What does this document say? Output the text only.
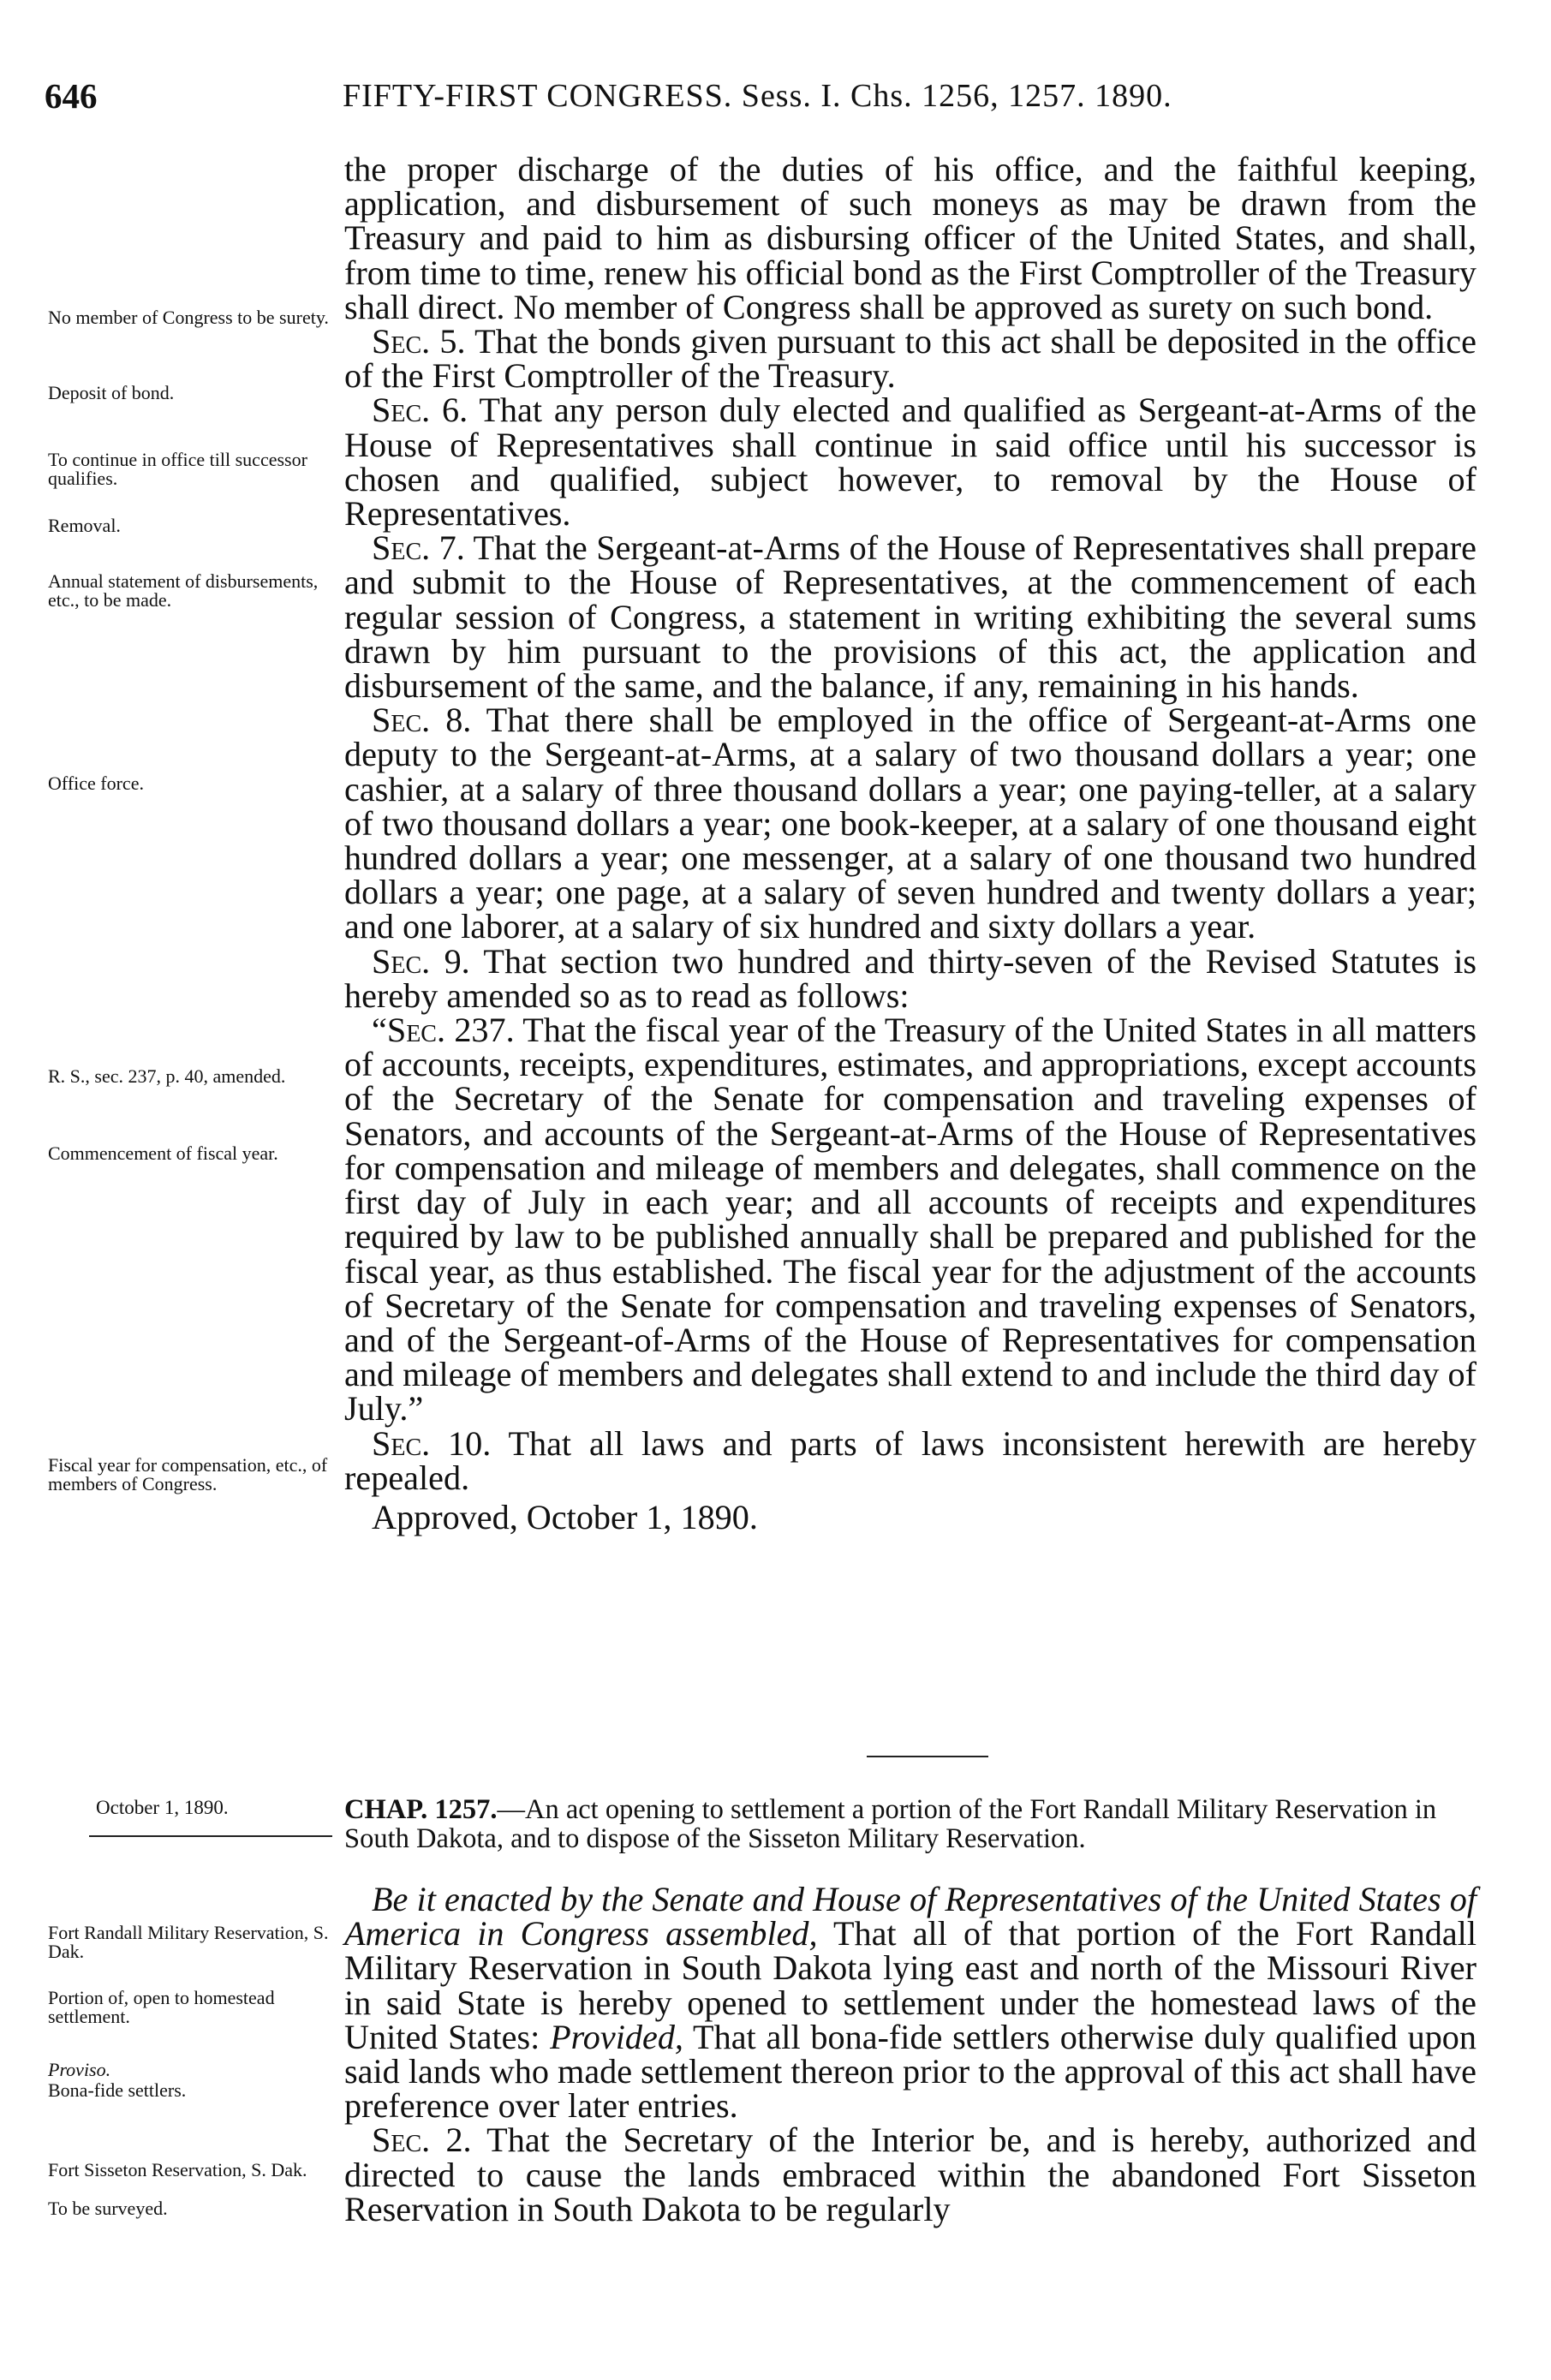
646	FIFTY-FIRST CONGRESS. Sess. I. Chs. 1256, 1257. 1890.
No member of Congress to be surety.
Deposit of bond.
To continue in office till successor qualifies.
Removal.
Annual statement of disbursements, etc., to be made.
Office force.
R. S., sec. 237, p. 40, amended.
Commencement of fiscal year.
Fiscal year for compensation, etc., of members of Congress.
October 1, 1890.
Fort Randall Military Reservation, S. Dak.
Portion of, open to homestead settlement.
Proviso.
Bona-fide settlers.
Fort Sisseton Reservation, S. Dak.
To be surveyed.

the proper discharge of the duties of his office, and the faithful keeping, application, and disbursement of such moneys as may be drawn from the Treasury and paid to him as disbursing officer of the United States, and shall, from time to time, renew his official bond as the First Comptroller of the Treasury shall direct. No member of Congress shall be approved as surety on such bond.

Sec. 5. That the bonds given pursuant to this act shall be deposited in the office of the First Comptroller of the Treasury.

Sec. 6. That any person duly elected and qualified as Sergeant-at-Arms of the House of Representatives shall continue in said office until his successor is chosen and qualified, subject however, to removal by the House of Representatives.

Sec. 7. That the Sergeant-at-Arms of the House of Representatives shall prepare and submit to the House of Representatives, at the commencement of each regular session of Congress, a statement in writing exhibiting the several sums drawn by him pursuant to the provisions of this act, the application and disbursement of the same, and the balance, if any, remaining in his hands.

Sec. 8. That there shall be employed in the office of Sergeant-at-Arms one deputy to the Sergeant-at-Arms, at a salary of two thousand dollars a year; one cashier, at a salary of three thousand dollars a year; one paying-teller, at a salary of two thousand dollars a year; one book-keeper, at a salary of one thousand eight hundred dollars a year; one messenger, at a salary of one thousand two hundred dollars a year; one page, at a salary of seven hundred and twenty dollars a year; and one laborer, at a salary of six hundred and sixty dollars a year.

Sec. 9. That section two hundred and thirty-seven of the Revised Statutes is hereby amended so as to read as follows:

“Sec. 237. That the fiscal year of the Treasury of the United States in all matters of accounts, receipts, expenditures, estimates, and appropriations, except accounts of the Secretary of the Senate for compensation and traveling expenses of Senators, and accounts of the Sergeant-at-Arms of the House of Representatives for compensation and mileage of members and delegates, shall commence on the first day of July in each year; and all accounts of receipts and expenditures required by law to be published annually shall be prepared and published for the fiscal year, as thus established. The fiscal year for the adjustment of the accounts of Secretary of the Senate for compensation and traveling expenses of Senators, and of the Sergeant-of-Arms of the House of Representatives for compensation and mileage of members and delegates shall extend to and include the third day of July.”

Sec. 10. That all laws and parts of laws inconsistent herewith are hereby repealed.

Approved, October 1, 1890.

CHAP. 1257.—An act opening to settlement a portion of the Fort Randall Military Reservation in South Dakota, and to dispose of the Sisseton Military Reservation.

Be it enacted by the Senate and House of Representatives of the United States of America in Congress assembled, That all of that portion of the Fort Randall Military Reservation in South Dakota lying east and north of the Missouri River in said State is hereby opened to settlement under the homestead laws of the United States: Provided, That all bona-fide settlers otherwise duly qualified upon said lands who made settlement thereon prior to the approval of this act shall have preference over later entries.

Sec. 2. That the Secretary of the Interior be, and is hereby, authorized and directed to cause the lands embraced within the abandoned Fort Sisseton Reservation in South Dakota to be regularly
